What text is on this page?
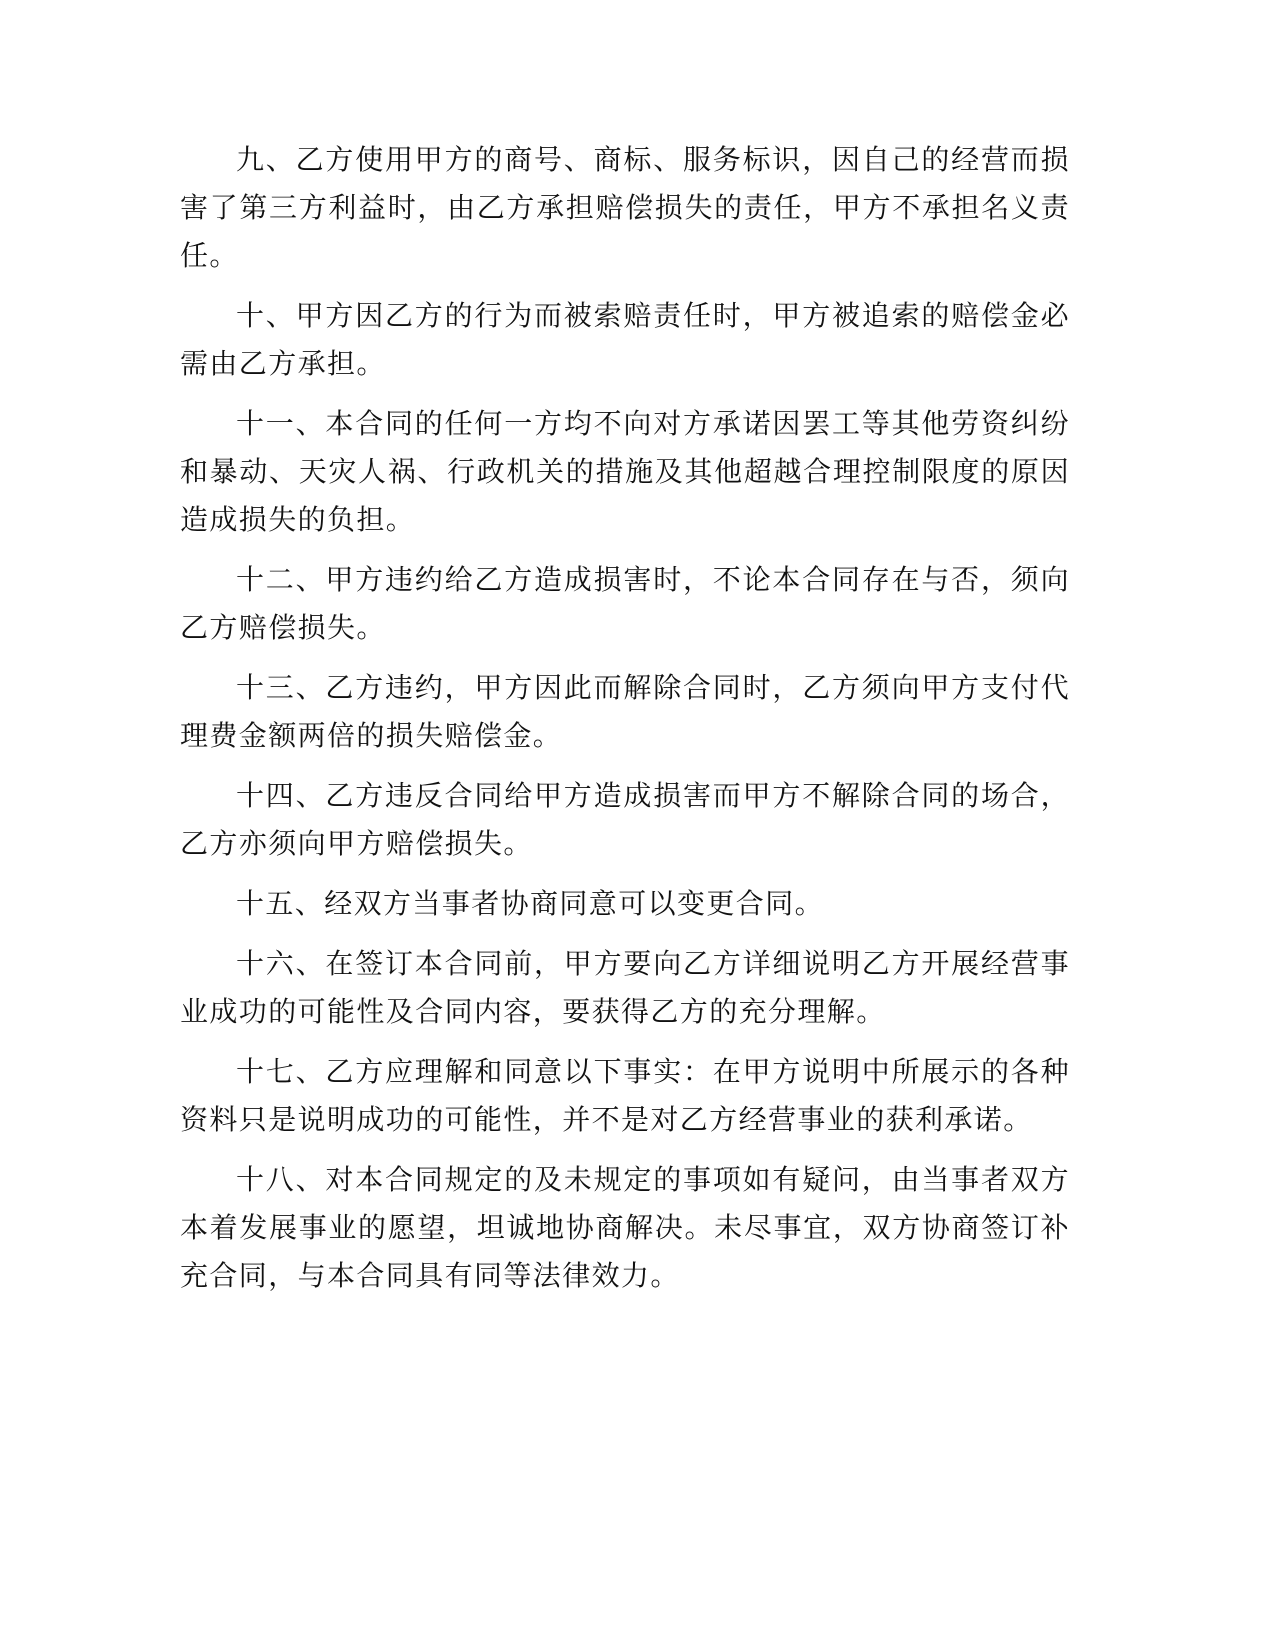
九、乙方使用甲方的商号、商标、服务标识，因自己的经营而损害了第三方利益时，由乙方承担赔偿损失的责任，甲方不承担名义责任。

十、甲方因乙方的行为而被索赔责任时，甲方被追索的赔偿金必需由乙方承担。

十一、本合同的任何一方均不向对方承诺因罢工等其他劳资纠纷和暴动、天灾人祸、行政机关的措施及其他超越合理控制限度的原因造成损失的负担。

十二、甲方违约给乙方造成损害时，不论本合同存在与否，须向乙方赔偿损失。

十三、乙方违约，甲方因此而解除合同时，乙方须向甲方支付代理费金额两倍的损失赔偿金。

十四、乙方违反合同给甲方造成损害而甲方不解除合同的场合，乙方亦须向甲方赔偿损失。

十五、经双方当事者协商同意可以变更合同。

十六、在签订本合同前，甲方要向乙方详细说明乙方开展经营事业成功的可能性及合同内容，要获得乙方的充分理解。

十七、乙方应理解和同意以下事实：在甲方说明中所展示的各种资料只是说明成功的可能性，并不是对乙方经营事业的获利承诺。

十八、对本合同规定的及未规定的事项如有疑问，由当事者双方本着发展事业的愿望，坦诚地协商解决。未尽事宜，双方协商签订补充合同，与本合同具有同等法律效力。
